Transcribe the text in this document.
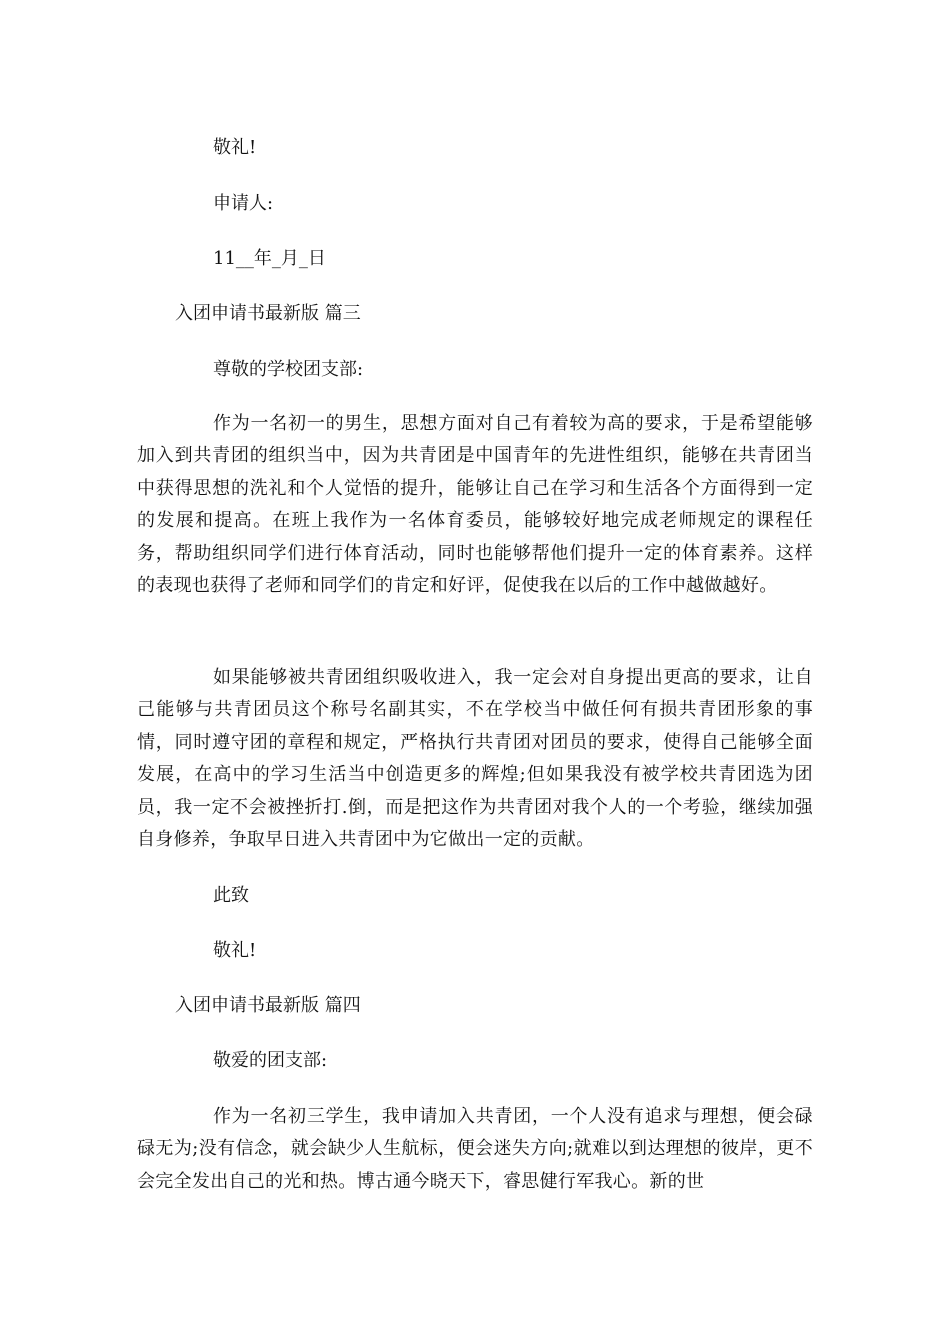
敬礼!

申请人:

11__年_月_日

入团申请书最新版 篇三

尊敬的学校团支部:

作为一名初一的男生，思想方面对自己有着较为高的要求，于是希望能够加入到共青团的组织当中，因为共青团是中国青年的先进性组织，能够在共青团当中获得思想的洗礼和个人觉悟的提升，能够让自己在学习和生活各个方面得到一定的发展和提高。在班上我作为一名体育委员，能够较好地完成老师规定的课程任务，帮助组织同学们进行体育活动，同时也能够帮他们提升一定的体育素养。这样的表现也获得了老师和同学们的肯定和好评，促使我在以后的工作中越做越好。

如果能够被共青团组织吸收进入，我一定会对自身提出更高的要求，让自己能够与共青团员这个称号名副其实，不在学校当中做任何有损共青团形象的事情，同时遵守团的章程和规定，严格执行共青团对团员的要求，使得自己能够全面发展，在高中的学习生活当中创造更多的辉煌;但如果我没有被学校共青团选为团员，我一定不会被挫折打.倒，而是把这作为共青团对我个人的一个考验，继续加强自身修养，争取早日进入共青团中为它做出一定的贡献。

此致

敬礼!

入团申请书最新版 篇四

敬爱的团支部:

作为一名初三学生，我申请加入共青团，一个人没有追求与理想，便会碌碌无为;没有信念，就会缺少人生航标，便会迷失方向;就难以到达理想的彼岸，更不会完全发出自己的光和热。博古通今晓天下，睿思健行军我心。新的世
